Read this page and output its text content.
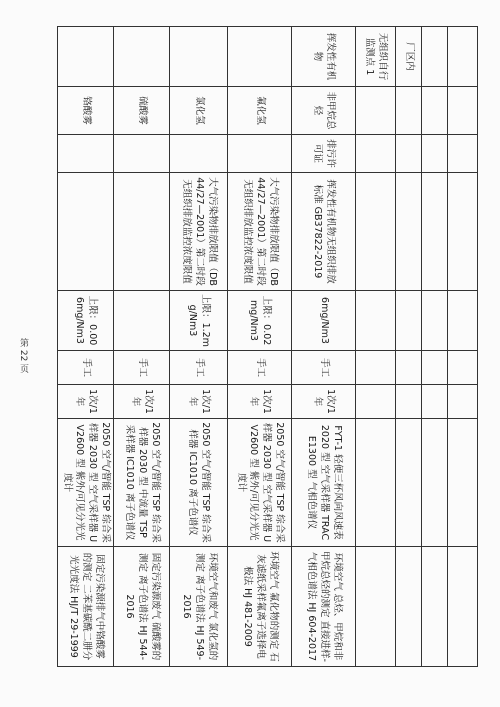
第 22 页

厂区内								
无组织自行监测点 1								
挥发性有机物	非甲烷总烃	排污许可证	挥发性有机物无组织排放标准 GB37822-2019	6mg/Nm3	手工	1次/1年	FYT-1 轻便三杯风向风速表 2020 型 空气采样器 TRACE1300 型 气相色谱仪	环境空气 总烃、甲烷和非甲烷总烃的测定 直接进样-气相色谱法 HJ 604-2017
	氟化氢		大气污染物排放限值（DB44/27—2001）第二时段无组织排放监控浓度限值	上限：0.02mg/Nm3	手工	1次/1年	2050 空气/智能 TSP 综合采样器 2030 型 空气采样器 UV2600 型 紫外/可见分光光度计	环境空气 氟化物的测定 石灰滤纸采样氟离子选择电极法 HJ 481-2009
	氯化氢		大气污染物排放限值（DB44/27—2001）第二时段无组织排放监控浓度限值	上限：1.2mg/Nm3	手工	1次/1年	2050 空气/智能 TSP 综合采样器 IC1010 离子色谱仪	环境空气和废气 氯化氢的测定 离子色谱法 HJ 549-2016
	硫酸雾				手工	1次/1年	2050 空气/智能 TSP 综合采样器 2030 型 中流量 TSP 采样器 IC1010 离子色谱仪	固定污染源废气 硫酸雾的测定 离子色谱法 HJ 544-2016
	铬酸雾			上限：0.006mg/Nm3	手工	1次/1年	2050 空气/智能 TSP 综合采样器 2030 型 空气采样器 UV2600 型 紫外/可见分光光度计	固定污染源排气中铬酸雾的测定 二苯基碳酰二肼分光光度法 HJ/T 29-1999
